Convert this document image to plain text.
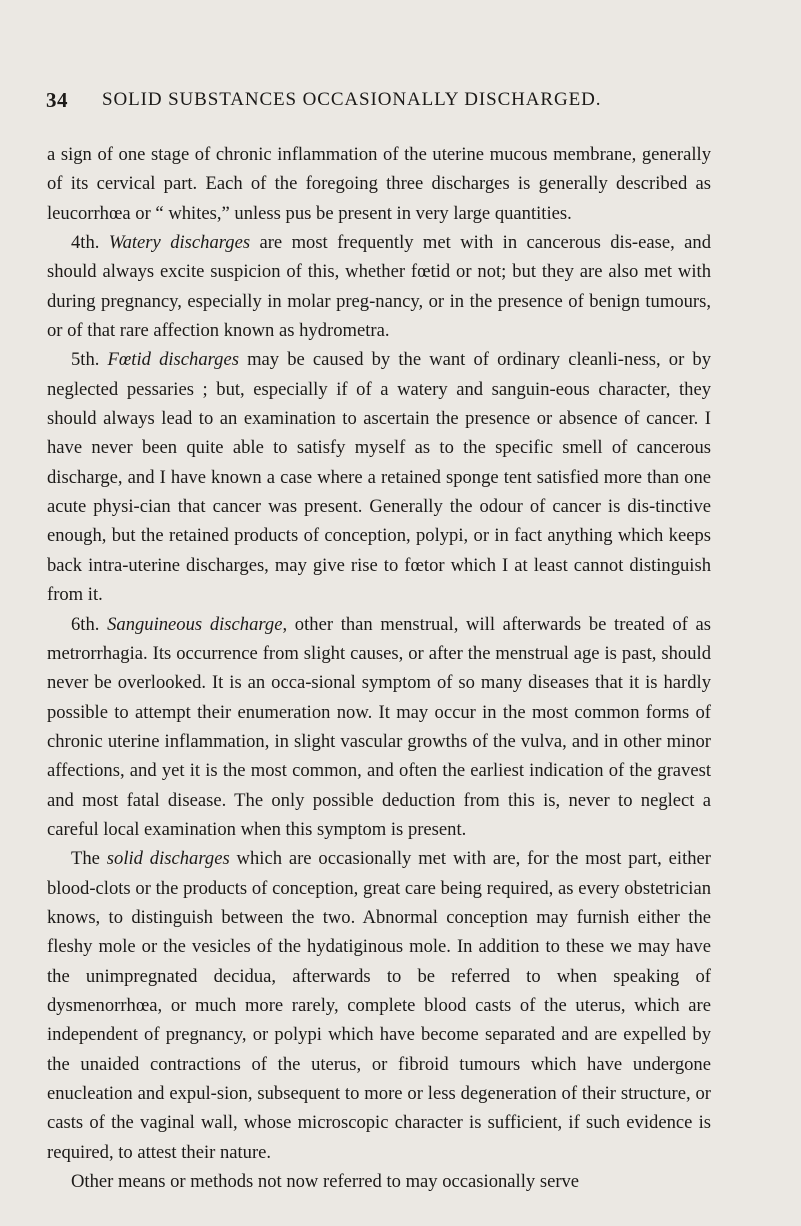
34 SOLID SUBSTANCES OCCASIONALLY DISCHARGED.

a sign of one stage of chronic inflammation of the uterine mucous membrane, generally of its cervical part. Each of the foregoing three discharges is generally described as leucorrhœa or “ whites,” unless pus be present in very large quantities.

4th. Watery discharges are most frequently met with in cancerous dis-ease, and should always excite suspicion of this, whether fœtid or not; but they are also met with during pregnancy, especially in molar preg-nancy, or in the presence of benign tumours, or of that rare affection known as hydrometra.

5th. Fœtid discharges may be caused by the want of ordinary cleanli-ness, or by neglected pessaries ; but, especially if of a watery and sanguin-eous character, they should always lead to an examination to ascertain the presence or absence of cancer. I have never been quite able to satisfy myself as to the specific smell of cancerous discharge, and I have known a case where a retained sponge tent satisfied more than one acute physi-cian that cancer was present. Generally the odour of cancer is dis-tinctive enough, but the retained products of conception, polypi, or in fact anything which keeps back intra-uterine discharges, may give rise to fœtor which I at least cannot distinguish from it.

6th. Sanguineous discharge, other than menstrual, will afterwards be treated of as metrorrhagia. Its occurrence from slight causes, or after the menstrual age is past, should never be overlooked. It is an occa-sional symptom of so many diseases that it is hardly possible to attempt their enumeration now. It may occur in the most common forms of chronic uterine inflammation, in slight vascular growths of the vulva, and in other minor affections, and yet it is the most common, and often the earliest indication of the gravest and most fatal disease. The only possible deduction from this is, never to neglect a careful local examination when this symptom is present.

The solid discharges which are occasionally met with are, for the most part, either blood-clots or the products of conception, great care being required, as every obstetrician knows, to distinguish between the two. Abnormal conception may furnish either the fleshy mole or the vesicles of the hydatiginous mole. In addition to these we may have the unimpregnated decidua, afterwards to be referred to when speaking of dysmenorrhœa, or much more rarely, complete blood casts of the uterus, which are independent of pregnancy, or polypi which have become separated and are expelled by the unaided contractions of the uterus, or fibroid tumours which have undergone enucleation and expul-sion, subsequent to more or less degeneration of their structure, or casts of the vaginal wall, whose microscopic character is sufficient, if such evidence is required, to attest their nature.

Other means or methods not now referred to may occasionally serve
